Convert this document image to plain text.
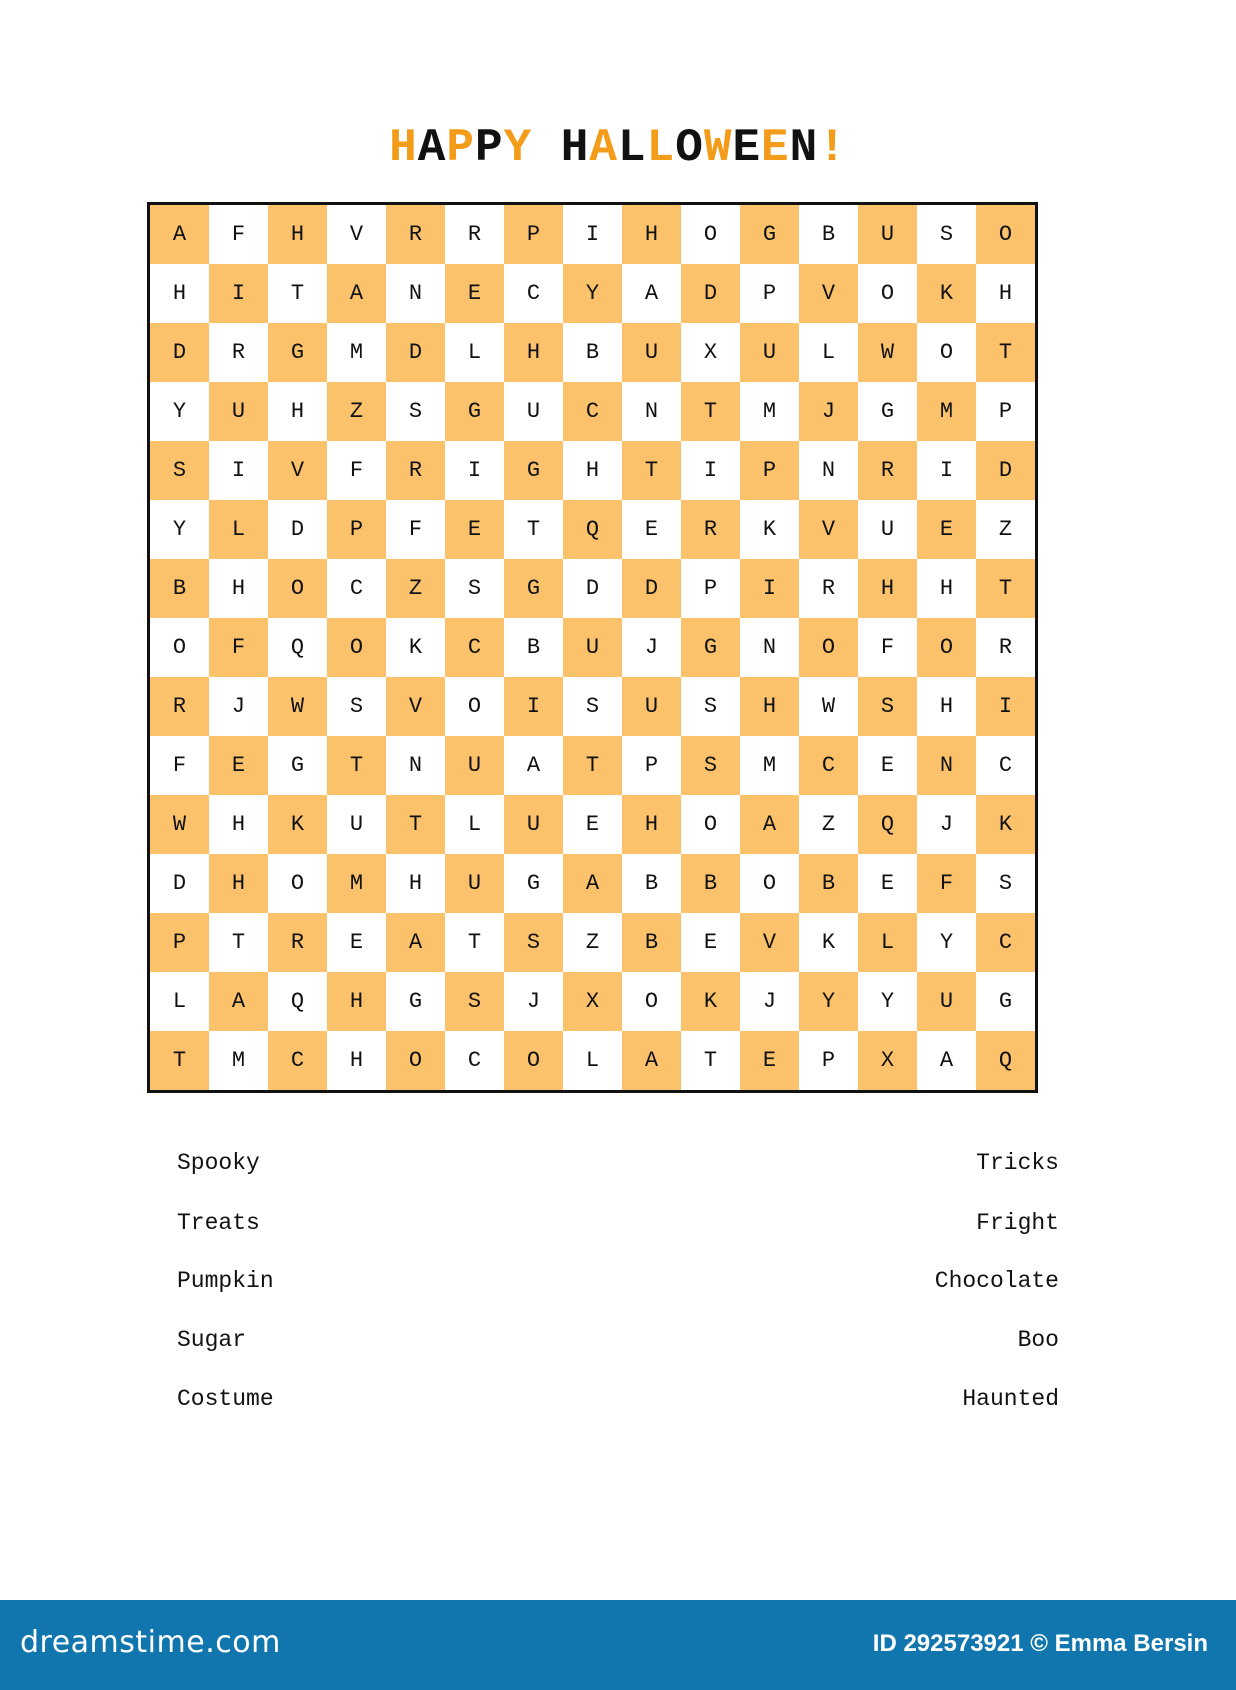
HAPPY HALLOWEEN!
A	F	H	V	R	R	P	I	H	O	G	B	U	S	O
H	I	T	A	N	E	C	Y	A	D	P	V	O	K	H
D	R	G	M	D	L	H	B	U	X	U	L	W	O	T
Y	U	H	Z	S	G	U	C	N	T	M	J	G	M	P
S	I	V	F	R	I	G	H	T	I	P	N	R	I	D
Y	L	D	P	F	E	T	Q	E	R	K	V	U	E	Z
B	H	O	C	Z	S	G	D	D	P	I	R	H	H	T
O	F	Q	O	K	C	B	U	J	G	N	O	F	O	R
R	J	W	S	V	O	I	S	U	S	H	W	S	H	I
F	E	G	T	N	U	A	T	P	S	M	C	E	N	C
W	H	K	U	T	L	U	E	H	O	A	Z	Q	J	K
D	H	O	M	H	U	G	A	B	B	O	B	E	F	S
P	T	R	E	A	T	S	Z	B	E	V	K	L	Y	C
L	A	Q	H	G	S	J	X	O	K	J	Y	Y	U	G
T	M	C	H	O	C	O	L	A	T	E	P	X	A	Q
Spooky
Treats
Pumpkin
Sugar
Costume
Tricks
Fright
Chocolate
Boo
Haunted
dreamstime.com	ID 292573921 © Emma Bersin
